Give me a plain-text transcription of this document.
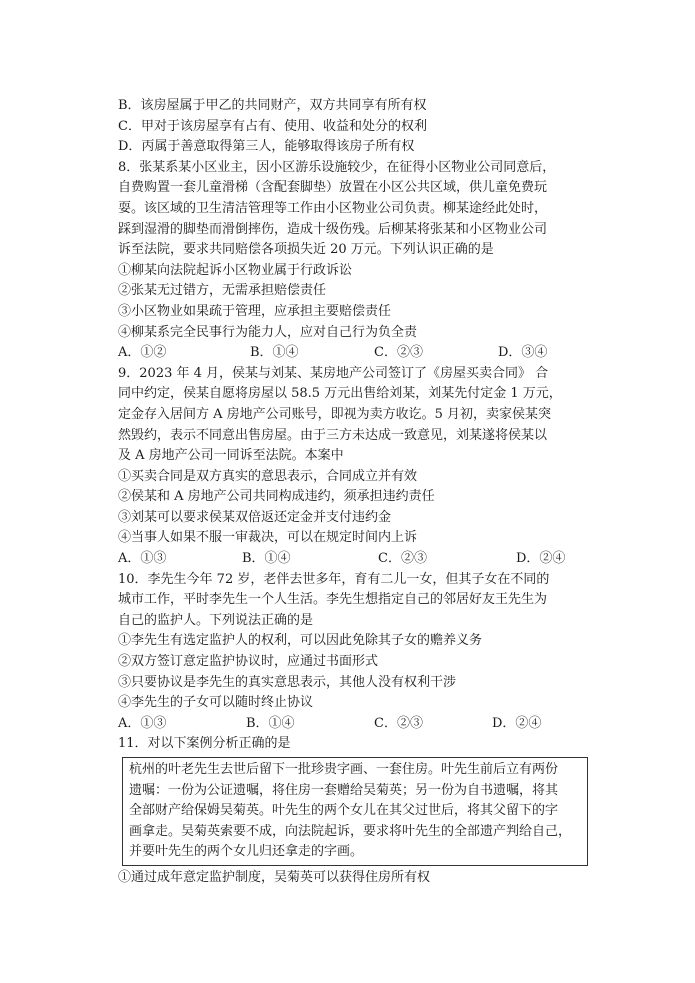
B．该房屋属于甲乙的共同财产，双方共同享有所有权
C．甲对于该房屋享有占有、使用、收益和处分的权利
D．丙属于善意取得第三人，能够取得该房子所有权
8．张某系某小区业主，因小区游乐设施较少，在征得小区物业公司同意后，
自费购置一套儿童滑梯（含配套脚垫）放置在小区公共区域，供儿童免费玩
耍。该区域的卫生清洁管理等工作由小区物业公司负责。柳某途经此处时，
踩到湿滑的脚垫而滑倒摔伤，造成十级伤残。后柳某将张某和小区物业公司
诉至法院，要求共同赔偿各项损失近 20 万元。下列认识正确的是
①柳某向法院起诉小区物业属于行政诉讼
②张某无过错方，无需承担赔偿责任
③小区物业如果疏于管理，应承担主要赔偿责任
④柳某系完全民事行为能力人，应对自己行为负全责
A．①②	B．①④	C．②③	D．③④
9．2023 年 4 月，侯某与刘某、某房地产公司签订了《房屋买卖合同》 合
同中约定，侯某自愿将房屋以 58.5 万元出售给刘某，刘某先付定金 1 万元，
定金存入居间方 A 房地产公司账号，即视为卖方收讫。5 月初，卖家侯某突
然毁约，表示不同意出售房屋。由于三方未达成一致意见，刘某遂将侯某以
及 A 房地产公司一同诉至法院。本案中
①买卖合同是双方真实的意思表示，合同成立并有效
②侯某和 A 房地产公司共同构成违约，须承担违约责任
③刘某可以要求侯某双倍返还定金并支付违约金
④当事人如果不服一审裁决，可以在规定时间内上诉
A．①③	B．①④	C．②③	D．②④
10．李先生今年 72 岁，老伴去世多年，育有二儿一女，但其子女在不同的
城市工作，平时李先生一个人生活。李先生想指定自己的邻居好友王先生为
自己的监护人。下列说法正确的是
①李先生有选定监护人的权利，可以因此免除其子女的赡养义务
②双方签订意定监护协议时，应通过书面形式
③只要协议是李先生的真实意思表示，其他人没有权利干涉
④李先生的子女可以随时终止协议
A．①③	B．①④	C．②③	D．②④
11．对以下案例分析正确的是
杭州的叶老先生去世后留下一批珍贵字画、一套住房。叶先生前后立有两份
遗嘱：一份为公证遗嘱，将住房一套赠给吴菊英；另一份为自书遗嘱，将其
全部财产给保姆吴菊英。叶先生的两个女儿在其父过世后，将其父留下的字
画拿走。吴菊英索要不成，向法院起诉，要求将叶先生的全部遗产判给自己，
并要叶先生的两个女儿归还拿走的字画。
①通过成年意定监护制度，吴菊英可以获得住房所有权
